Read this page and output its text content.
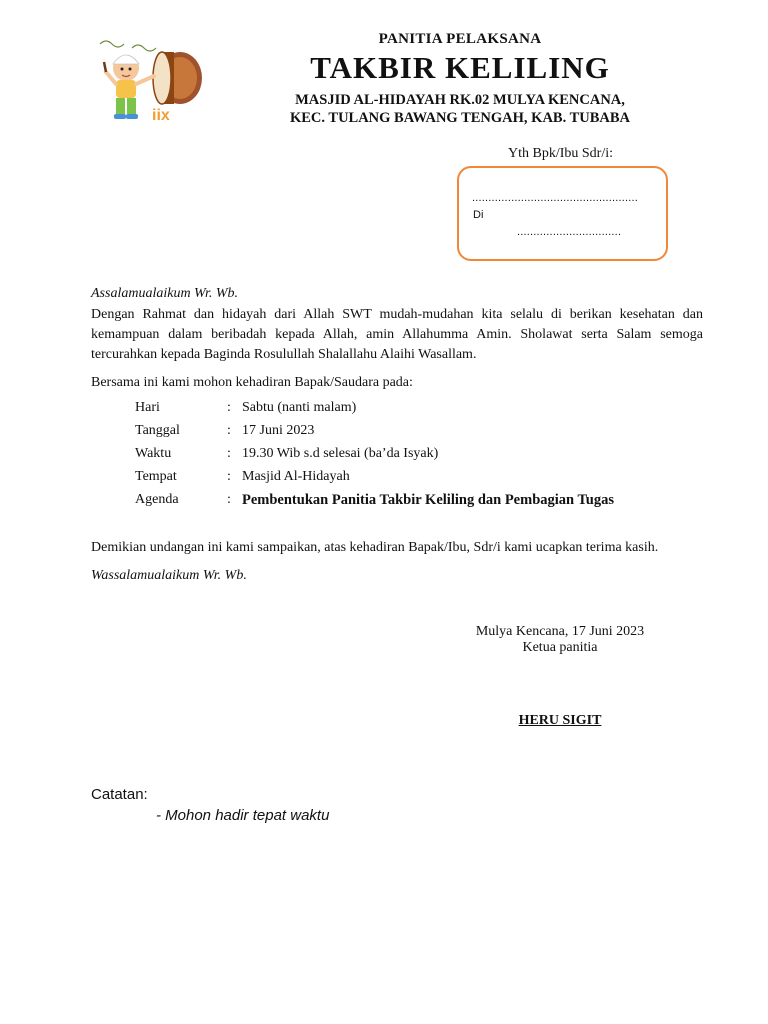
iix
PANITIA PELAKSANA
TAKBIR KELILING
MASJID AL-HIDAYAH RK.02 MULYA KENCANA,
KEC. TULANG BAWANG TENGAH, KAB. TUBABA
Yth Bpk/Ibu Sdr/i:
...................................................
Di
................................
Assalamualaikum Wr. Wb.
Dengan Rahmat dan hidayah dari Allah SWT mudah-mudahan kita selalu di berikan kesehatan dan kemampuan dalam beribadah kepada Allah, amin Allahumma Amin. Sholawat serta Salam semoga tercurahkan kepada Baginda Rosulullah Shalallahu Alaihi Wasallam.
Bersama ini kami mohon kehadiran Bapak/Saudara pada:
Hari	: Sabtu (nanti malam)
Tanggal	: 17 Juni 2023
Waktu	: 19.30 Wib s.d selesai (ba’da Isyak)
Tempat	: Masjid Al-Hidayah
Agenda	: Pembentukan Panitia Takbir Keliling dan Pembagian Tugas
Demikian undangan ini kami sampaikan, atas kehadiran Bapak/Ibu, Sdr/i kami ucapkan terima kasih.
Wassalamualaikum Wr. Wb.
Mulya Kencana, 17 Juni 2023
Ketua panitia
HERU SIGIT
Catatan:
- Mohon hadir tepat waktu
